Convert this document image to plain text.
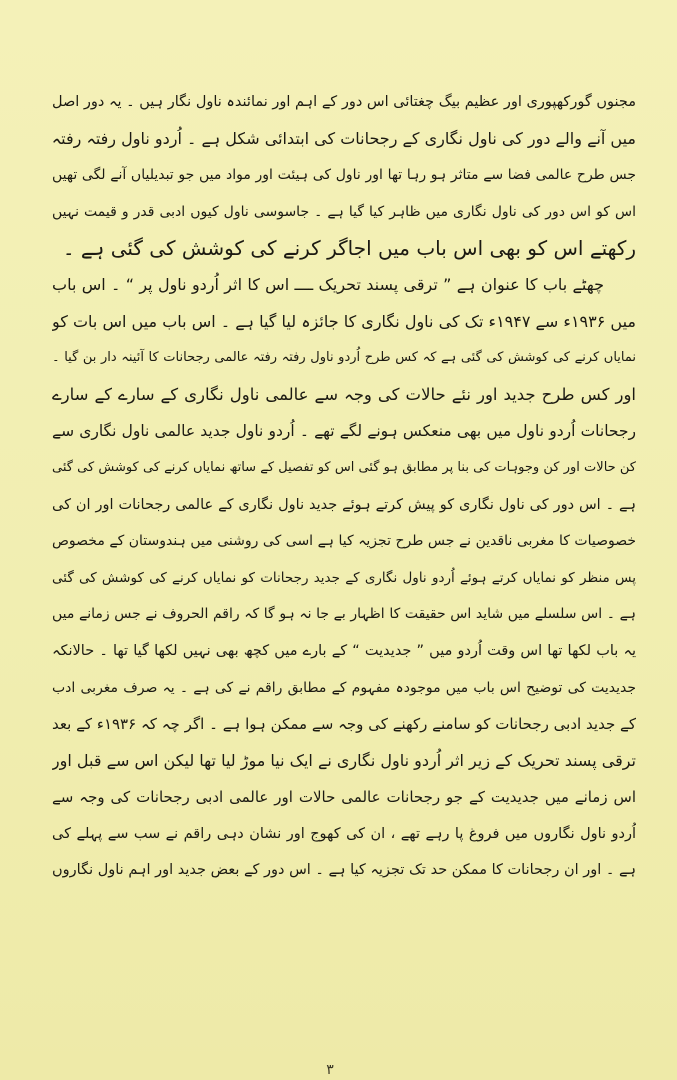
مجنوں گورکھپوری اور عظیم بیگ چغتائی اس دور کے اہم اور نمائندہ ناول نگار ہیں ۔ یہ دور اصل
میں آنے والے دور کی ناول نگاری کے رجحانات کی ابتدائی شکل ہے ۔ اُردو ناول رفتہ رفتہ
جس طرح عالمی فضا سے متاثر ہو رہا تھا اور ناول کی ہیئت اور مواد میں جو تبدیلیاں آنے لگی تھیں
اس کو اس دور کی ناول نگاری میں ظاہر کیا گیا ہے ۔ جاسوسی ناول کیوں ادبی قدر و قیمت نہیں
رکھتے اس کو بھی اس باب میں اجاگر کرنے کی کوشش کی گئی ہے ۔
چھٹے باب کا عنوان ہے ” ترقی پسند تحریک ــــ اس کا اثر اُردو ناول پر “ ۔ اس باب
میں ۱۹۳۶ء سے ۱۹۴۷ء تک کی ناول نگاری کا جائزہ لیا گیا ہے ۔ اس باب میں اس بات کو
نمایاں کرنے کی کوشش کی گئی ہے کہ کس طرح اُردو ناول رفتہ رفتہ عالمی رجحانات کا آئینہ دار بن گیا ۔
اور کس طرح جدید اور نئے حالات کی وجہ سے عالمی ناول نگاری کے سارے کے سارے
رجحانات اُردو ناول میں بھی منعکس ہونے لگے تھے ۔ اُردو ناول جدید عالمی ناول نگاری سے
کن حالات اور کن وجوہات کی بنا پر مطابق ہو گئی اس کو تفصیل کے ساتھ نمایاں کرنے کی کوشش کی گئی
ہے ۔ اس دور کی ناول نگاری کو پیش کرتے ہوئے جدید ناول نگاری کے عالمی رجحانات اور ان کی
خصوصیات کا مغربی ناقدین نے جس طرح تجزیہ کیا ہے اسی کی روشنی میں ہندوستان کے مخصوص
پس منظر کو نمایاں کرتے ہوئے اُردو ناول نگاری کے جدید رجحانات کو نمایاں کرنے کی کوشش کی گئی
ہے ۔ اس سلسلے میں شاید اس حقیقت کا اظہار بے جا نہ ہو گا کہ راقم الحروف نے جس زمانے میں
یہ باب لکھا تھا اس وقت اُردو میں ” جدیدیت “ کے بارے میں کچھ بھی نہیں لکھا گیا تھا ۔ حالانکہ
جدیدیت کی توضیح اس باب میں موجودہ مفہوم کے مطابق راقم نے کی ہے ۔ یہ صرف مغربی ادب
کے جدید ادبی رجحانات کو سامنے رکھنے کی وجہ سے ممکن ہوا ہے ۔ اگر چہ کہ ۱۹۳۶ء کے بعد
ترقی پسند تحریک کے زیر اثر اُردو ناول نگاری نے ایک نیا موڑ لیا تھا لیکن اس سے قبل اور
اس زمانے میں جدیدیت کے جو رجحانات عالمی حالات اور عالمی ادبی رجحانات کی وجہ سے
اُردو ناول نگاروں میں فروغ پا رہے تھے ، ان کی کھوج اور نشان دہی راقم نے سب سے پہلے کی
ہے ۔ اور ان رجحانات کا ممکن حد تک تجزیہ کیا ہے ۔ اس دور کے بعض جدید اور اہم ناول نگاروں
۳
